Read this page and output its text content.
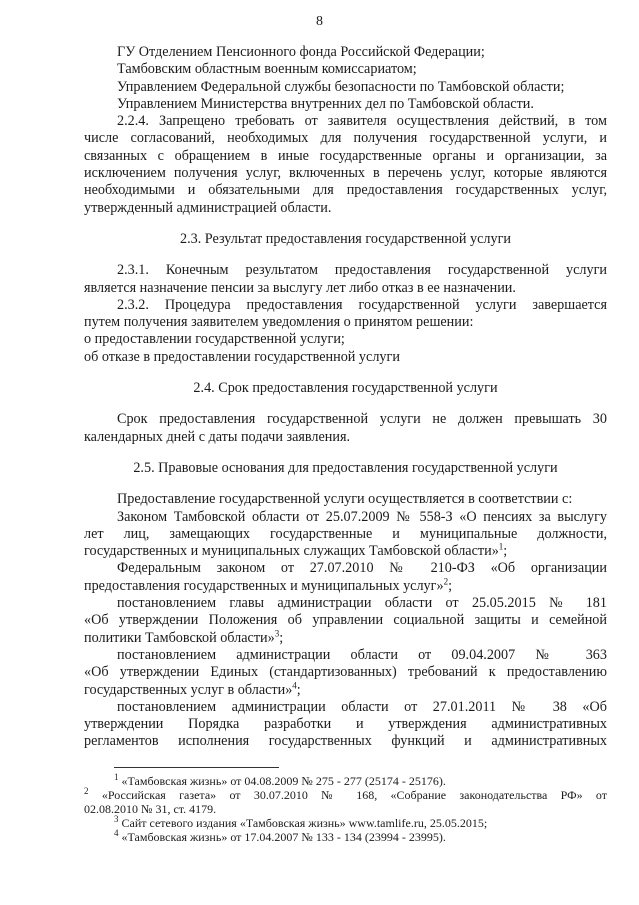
8

ГУ Отделением Пенсионного фонда Российской Федерации;

Тамбовским областным военным комиссариатом;

Управлением Федеральной службы безопасности по Тамбовской области;

Управлением Министерства внутренних дел по Тамбовской области.

2.2.4. Запрещено требовать от заявителя осуществления действий, в том

числе согласований, необходимых для получения государственной услуги, и

связанных с обращением в иные государственные органы и организации, за

исключением получения услуг, включенных в перечень услуг, которые являются

необходимыми и обязательными для предоставления государственных услуг,

утвержденный администрацией области.

2.3. Результат предоставления государственной услуги

2.3.1. Конечным результатом предоставления государственной услуги

является назначение пенсии за выслугу лет либо отказ в ее назначении.

2.3.2. Процедура предоставления государственной услуги завершается

путем получения заявителем уведомления о принятом решении:

о предоставлении государственной услуги;

об отказе в предоставлении государственной услуги

2.4. Срок предоставления государственной услуги

Срок предоставления государственной услуги не должен превышать 30

календарных дней с даты подачи заявления.

2.5. Правовые основания для предоставления государственной услуги

Предоставление государственной услуги осуществляется в соответствии с:

Законом Тамбовской области от 25.07.2009 № 558-З «О пенсиях за выслугу

лет лиц, замещающих государственные и муниципальные должности,

государственных и муниципальных служащих Тамбовской области»$^1$;

Федеральным законом от 27.07.2010 № 210-ФЗ «Об организации

предоставления государственных и муниципальных услуг»$^2$;

постановлением главы администрации области от 25.05.2015 № 181

«Об утверждении Положения об управлении социальной защиты и семейной

политики Тамбовской области»$^3$;

постановлением администрации области от 09.04.2007 № 363

«Об утверждении Единых (стандартизованных) требований к предоставлению

государственных услуг в области»$^4$;

постановлением администрации области от 27.01.2011 № 38 «Об

утверждении Порядка разработки и утверждения административных

регламентов исполнения государственных функций и административных

$^1$ «Тамбовская жизнь» от 04.08.2009 № 275 - 277 (25174 - 25176).

$^2$ «Российская газета» от 30.07.2010 № 168, «Собрание законодательства РФ» от

02.08.2010 № 31, ст. 4179.

$^3$ Сайт сетевого издания «Тамбовская жизнь» www.tamlife.ru, 25.05.2015;

$^4$ «Тамбовская жизнь» от 17.04.2007 № 133 - 134 (23994 - 23995).
